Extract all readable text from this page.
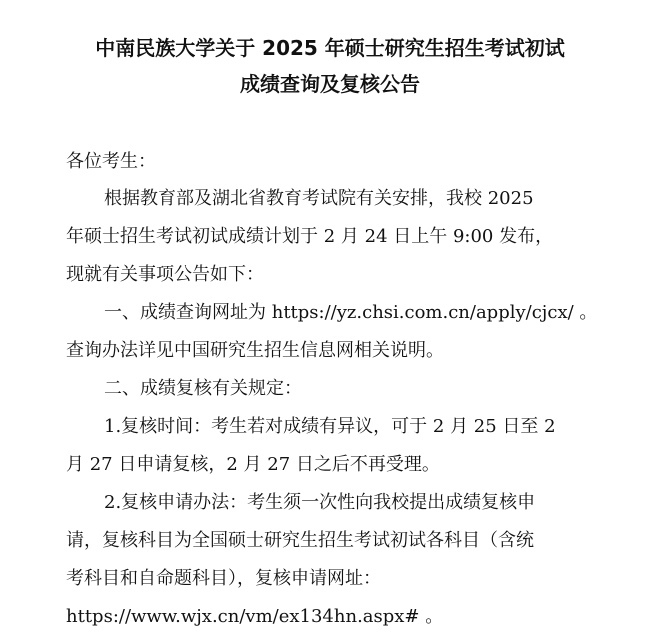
中南民族大学关于 2025 年硕士研究生招生考试初试
成绩查询及复核公告
各位考生：
根据教育部及湖北省教育考试院有关安排，我校 2025
年硕士招生考试初试成绩计划于 2 月 24 日上午 9:00 发布，
现就有关事项公告如下：
一、成绩查询网址为 https://yz.chsi.com.cn/apply/cjcx/ 。
查询办法详见中国研究生招生信息网相关说明。
二、成绩复核有关规定：
1.复核时间：考生若对成绩有异议，可于 2 月 25 日至 2
月 27 日申请复核，2 月 27 日之后不再受理。
2.复核申请办法：考生须一次性向我校提出成绩复核申
请，复核科目为全国硕士研究生招生考试初试各科目（含统
考科目和自命题科目），复核申请网址：
https://www.wjx.cn/vm/ex134hn.aspx# 。
